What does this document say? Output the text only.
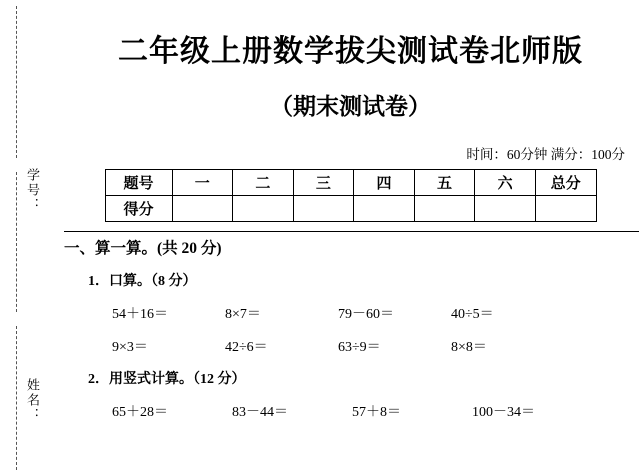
学号：
姓名：
二年级上册数学拔尖测试卷北师版
（期末测试卷）
时间：60分钟 满分：100分
题号	一	二	三	四	五	六	总分
得分							
一、算一算。(共 20 分)
1．口算。（8 分）
54＋16＝	8×7＝	79－60＝	40÷5＝
9×3＝	42÷6＝	63÷9＝	8×8＝
2．用竖式计算。（12 分）
65＋28＝	83－44＝	57＋8＝	100－34＝
